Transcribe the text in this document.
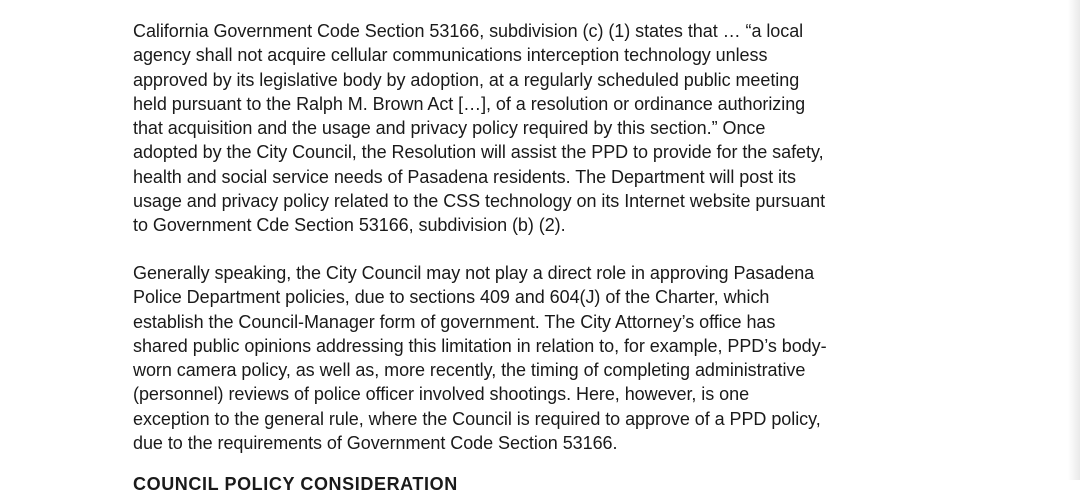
California Government Code Section 53166, subdivision (c) (1) states that … “a local
agency shall not acquire cellular communications interception technology unless
approved by its legislative body by adoption, at a regularly scheduled public meeting
held pursuant to the Ralph M. Brown Act […], of a resolution or ordinance authorizing
that acquisition and the usage and privacy policy required by this section.” Once
adopted by the City Council, the Resolution will assist the PPD to provide for the safety,
health and social service needs of Pasadena residents. The Department will post its
usage and privacy policy related to the CSS technology on its Internet website pursuant
to Government Cde Section 53166, subdivision (b) (2).
Generally speaking, the City Council may not play a direct role in approving Pasadena
Police Department policies, due to sections 409 and 604(J) of the Charter, which
establish the Council-Manager form of government. The City Attorney’s office has
shared public opinions addressing this limitation in relation to, for example, PPD’s body-
worn camera policy, as well as, more recently, the timing of completing administrative
(personnel) reviews of police officer involved shootings. Here, however, is one
exception to the general rule, where the Council is required to approve of a PPD policy,
due to the requirements of Government Code Section 53166.
COUNCIL POLICY CONSIDERATION
